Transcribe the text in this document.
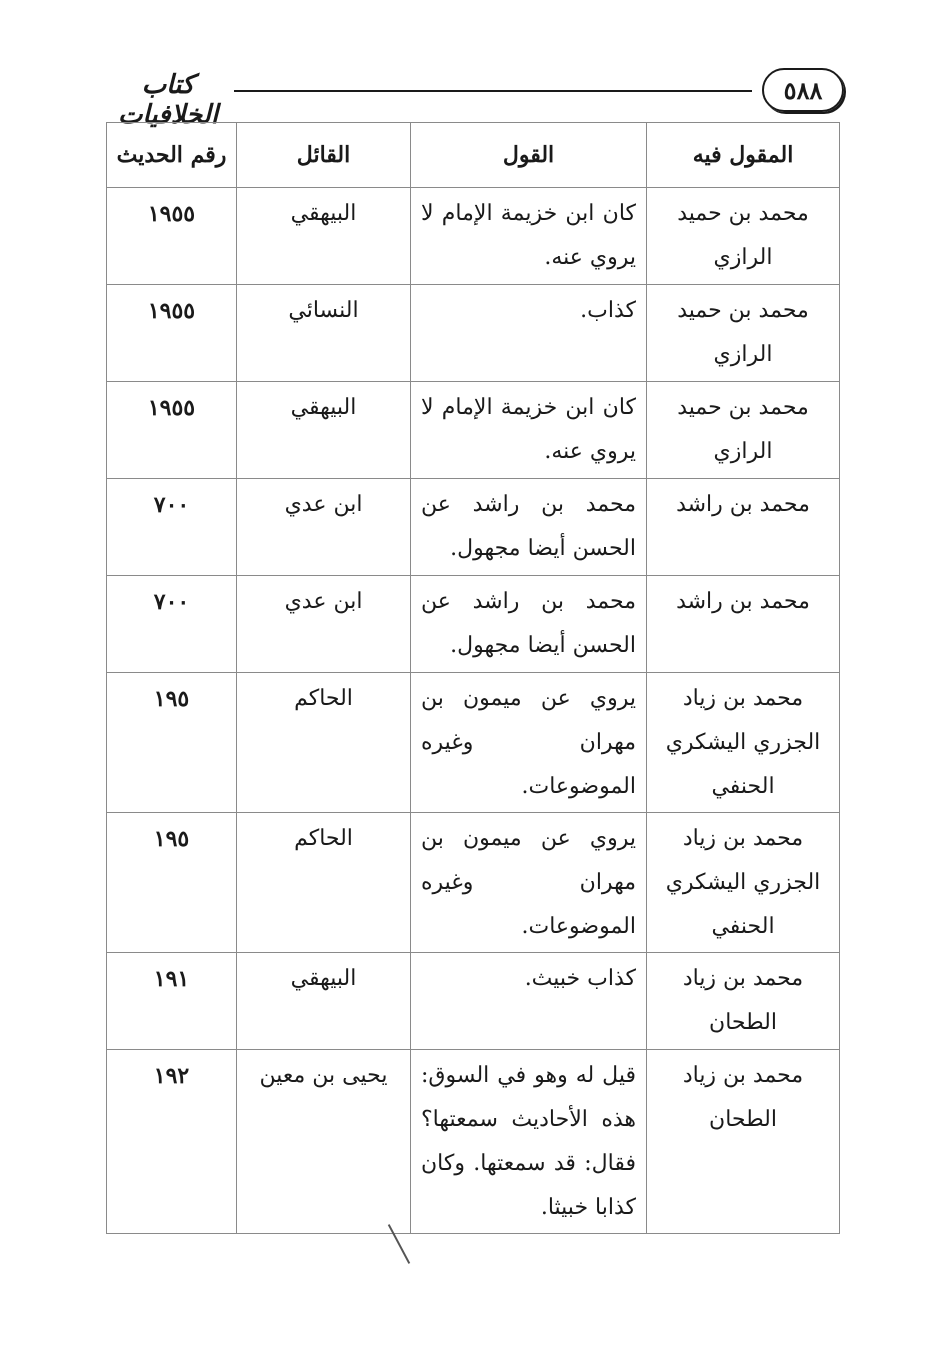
كتاب الخلافيات
٥٨٨
المقول فيه	القول	القائل	رقم الحديث
محمد بن حميد الرازي	كان ابن خزيمة الإمام لا يروي عنه.	البيهقي	١٩٥٥
محمد بن حميد الرازي	كذاب.	النسائي	١٩٥٥
محمد بن حميد الرازي	كان ابن خزيمة الإمام لا يروي عنه.	البيهقي	١٩٥٥
محمد بن راشد	محمد بن راشد عن الحسن أيضا مجهول.	ابن عدي	٧٠٠
محمد بن راشد	محمد بن راشد عن الحسن أيضا مجهول.	ابن عدي	٧٠٠
محمد بن زياد الجزري اليشكري الحنفي	يروي عن ميمون بن مهران وغيره الموضوعات.	الحاكم	١٩٥
محمد بن زياد الجزري اليشكري الحنفي	يروي عن ميمون بن مهران وغيره الموضوعات.	الحاكم	١٩٥
محمد بن زياد الطحان	كذاب خبيث.	البيهقي	١٩١
محمد بن زياد الطحان	قيل له وهو في السوق: هذه الأحاديث سمعتها؟ فقال: قد سمعتها. وكان كذابا خبيثا.	يحيى بن معين	١٩٢
